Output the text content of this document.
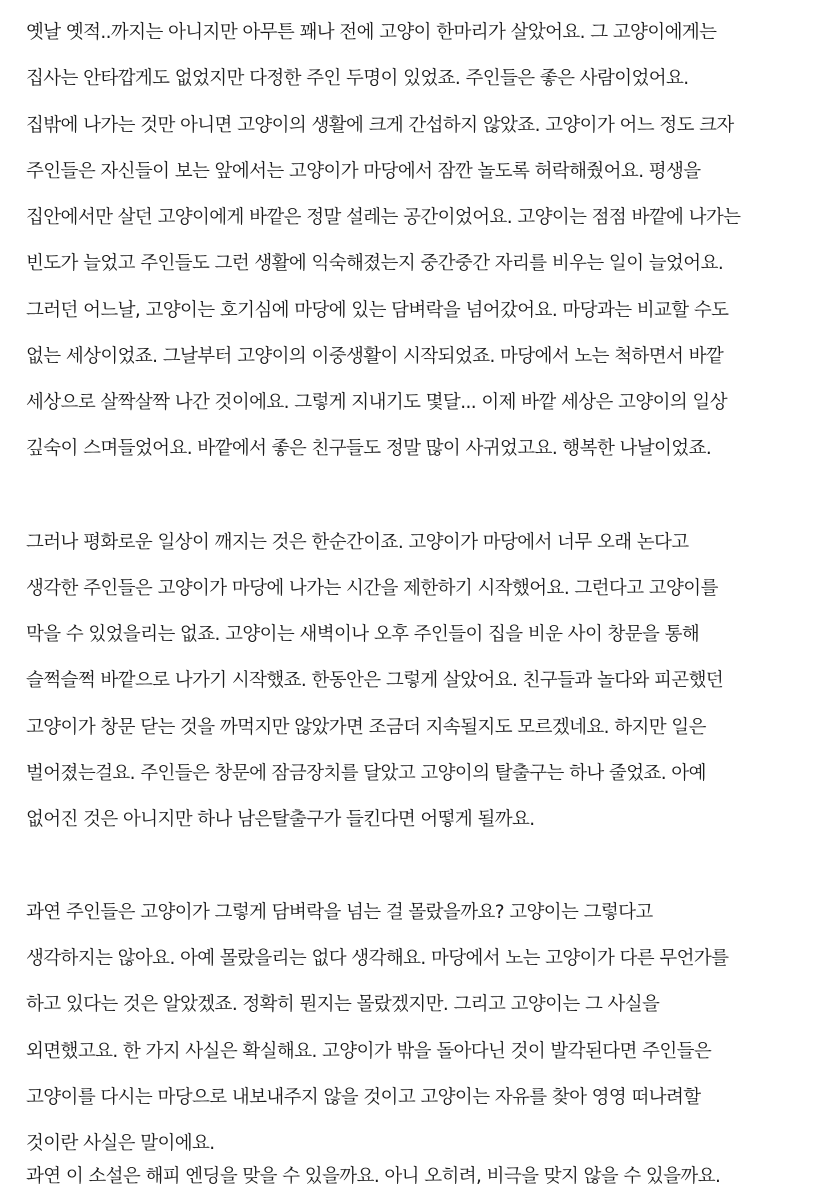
옛날 옛적..까지는 아니지만 아무튼 꽤나 전에 고양이 한마리가 살았어요. 그 고양이에게는

집사는 안타깝게도 없었지만 다정한 주인 두명이 있었죠. 주인들은 좋은 사람이었어요.

집밖에 나가는 것만 아니면 고양이의 생활에 크게 간섭하지 않았죠. 고양이가 어느 정도 크자

주인들은 자신들이 보는 앞에서는 고양이가 마당에서 잠깐 놀도록 허락해줬어요. 평생을

집안에서만 살던 고양이에게 바깥은 정말 설레는 공간이었어요. 고양이는 점점 바깥에 나가는

빈도가 늘었고 주인들도 그런 생활에 익숙해졌는지 중간중간 자리를 비우는 일이 늘었어요.

그러던 어느날, 고양이는 호기심에 마당에 있는 담벼락을 넘어갔어요. 마당과는 비교할 수도

없는 세상이었죠. 그날부터 고양이의 이중생활이 시작되었죠. 마당에서 노는 척하면서 바깥

세상으로 살짝살짝 나간 것이에요. 그렇게 지내기도 몇달... 이제 바깥 세상은 고양이의 일상

깊숙이 스며들었어요. 바깥에서 좋은 친구들도 정말 많이 사귀었고요. 행복한 나날이었죠.

그러나 평화로운 일상이 깨지는 것은 한순간이죠. 고양이가 마당에서 너무 오래 논다고

생각한 주인들은 고양이가 마당에 나가는 시간을 제한하기 시작했어요. 그런다고 고양이를

막을 수 있었을리는 없죠. 고양이는 새벽이나 오후 주인들이 집을 비운 사이 창문을 통해

슬쩍슬쩍 바깥으로 나가기 시작했죠. 한동안은 그렇게 살았어요. 친구들과 놀다와 피곤했던

고양이가 창문 닫는 것을 까먹지만 않았가면 조금더 지속될지도 모르겠네요. 하지만 일은

벌어졌는걸요. 주인들은 창문에 잠금장치를 달았고 고양이의 탈출구는 하나 줄었죠. 아예

없어진 것은 아니지만 하나 남은탈출구가 들킨다면 어떻게 될까요.

과연 주인들은 고양이가 그렇게 담벼락을 넘는 걸 몰랐을까요? 고양이는 그렇다고

생각하지는 않아요. 아예 몰랐을리는 없다 생각해요. 마당에서 노는 고양이가 다른 무언가를

하고 있다는 것은 알았겠죠. 정확히 뭔지는 몰랐겠지만. 그리고 고양이는 그 사실을

외면했고요. 한 가지 사실은 확실해요. 고양이가 밖을 돌아다닌 것이 발각된다면 주인들은

고양이를 다시는 마당으로 내보내주지 않을 것이고 고양이는 자유를 찾아 영영 떠나려할

것이란 사실은 말이에요.

과연 이 소설은 해피 엔딩을 맞을 수 있을까요. 아니 오히려, 비극을 맞지 않을 수 있을까요.
